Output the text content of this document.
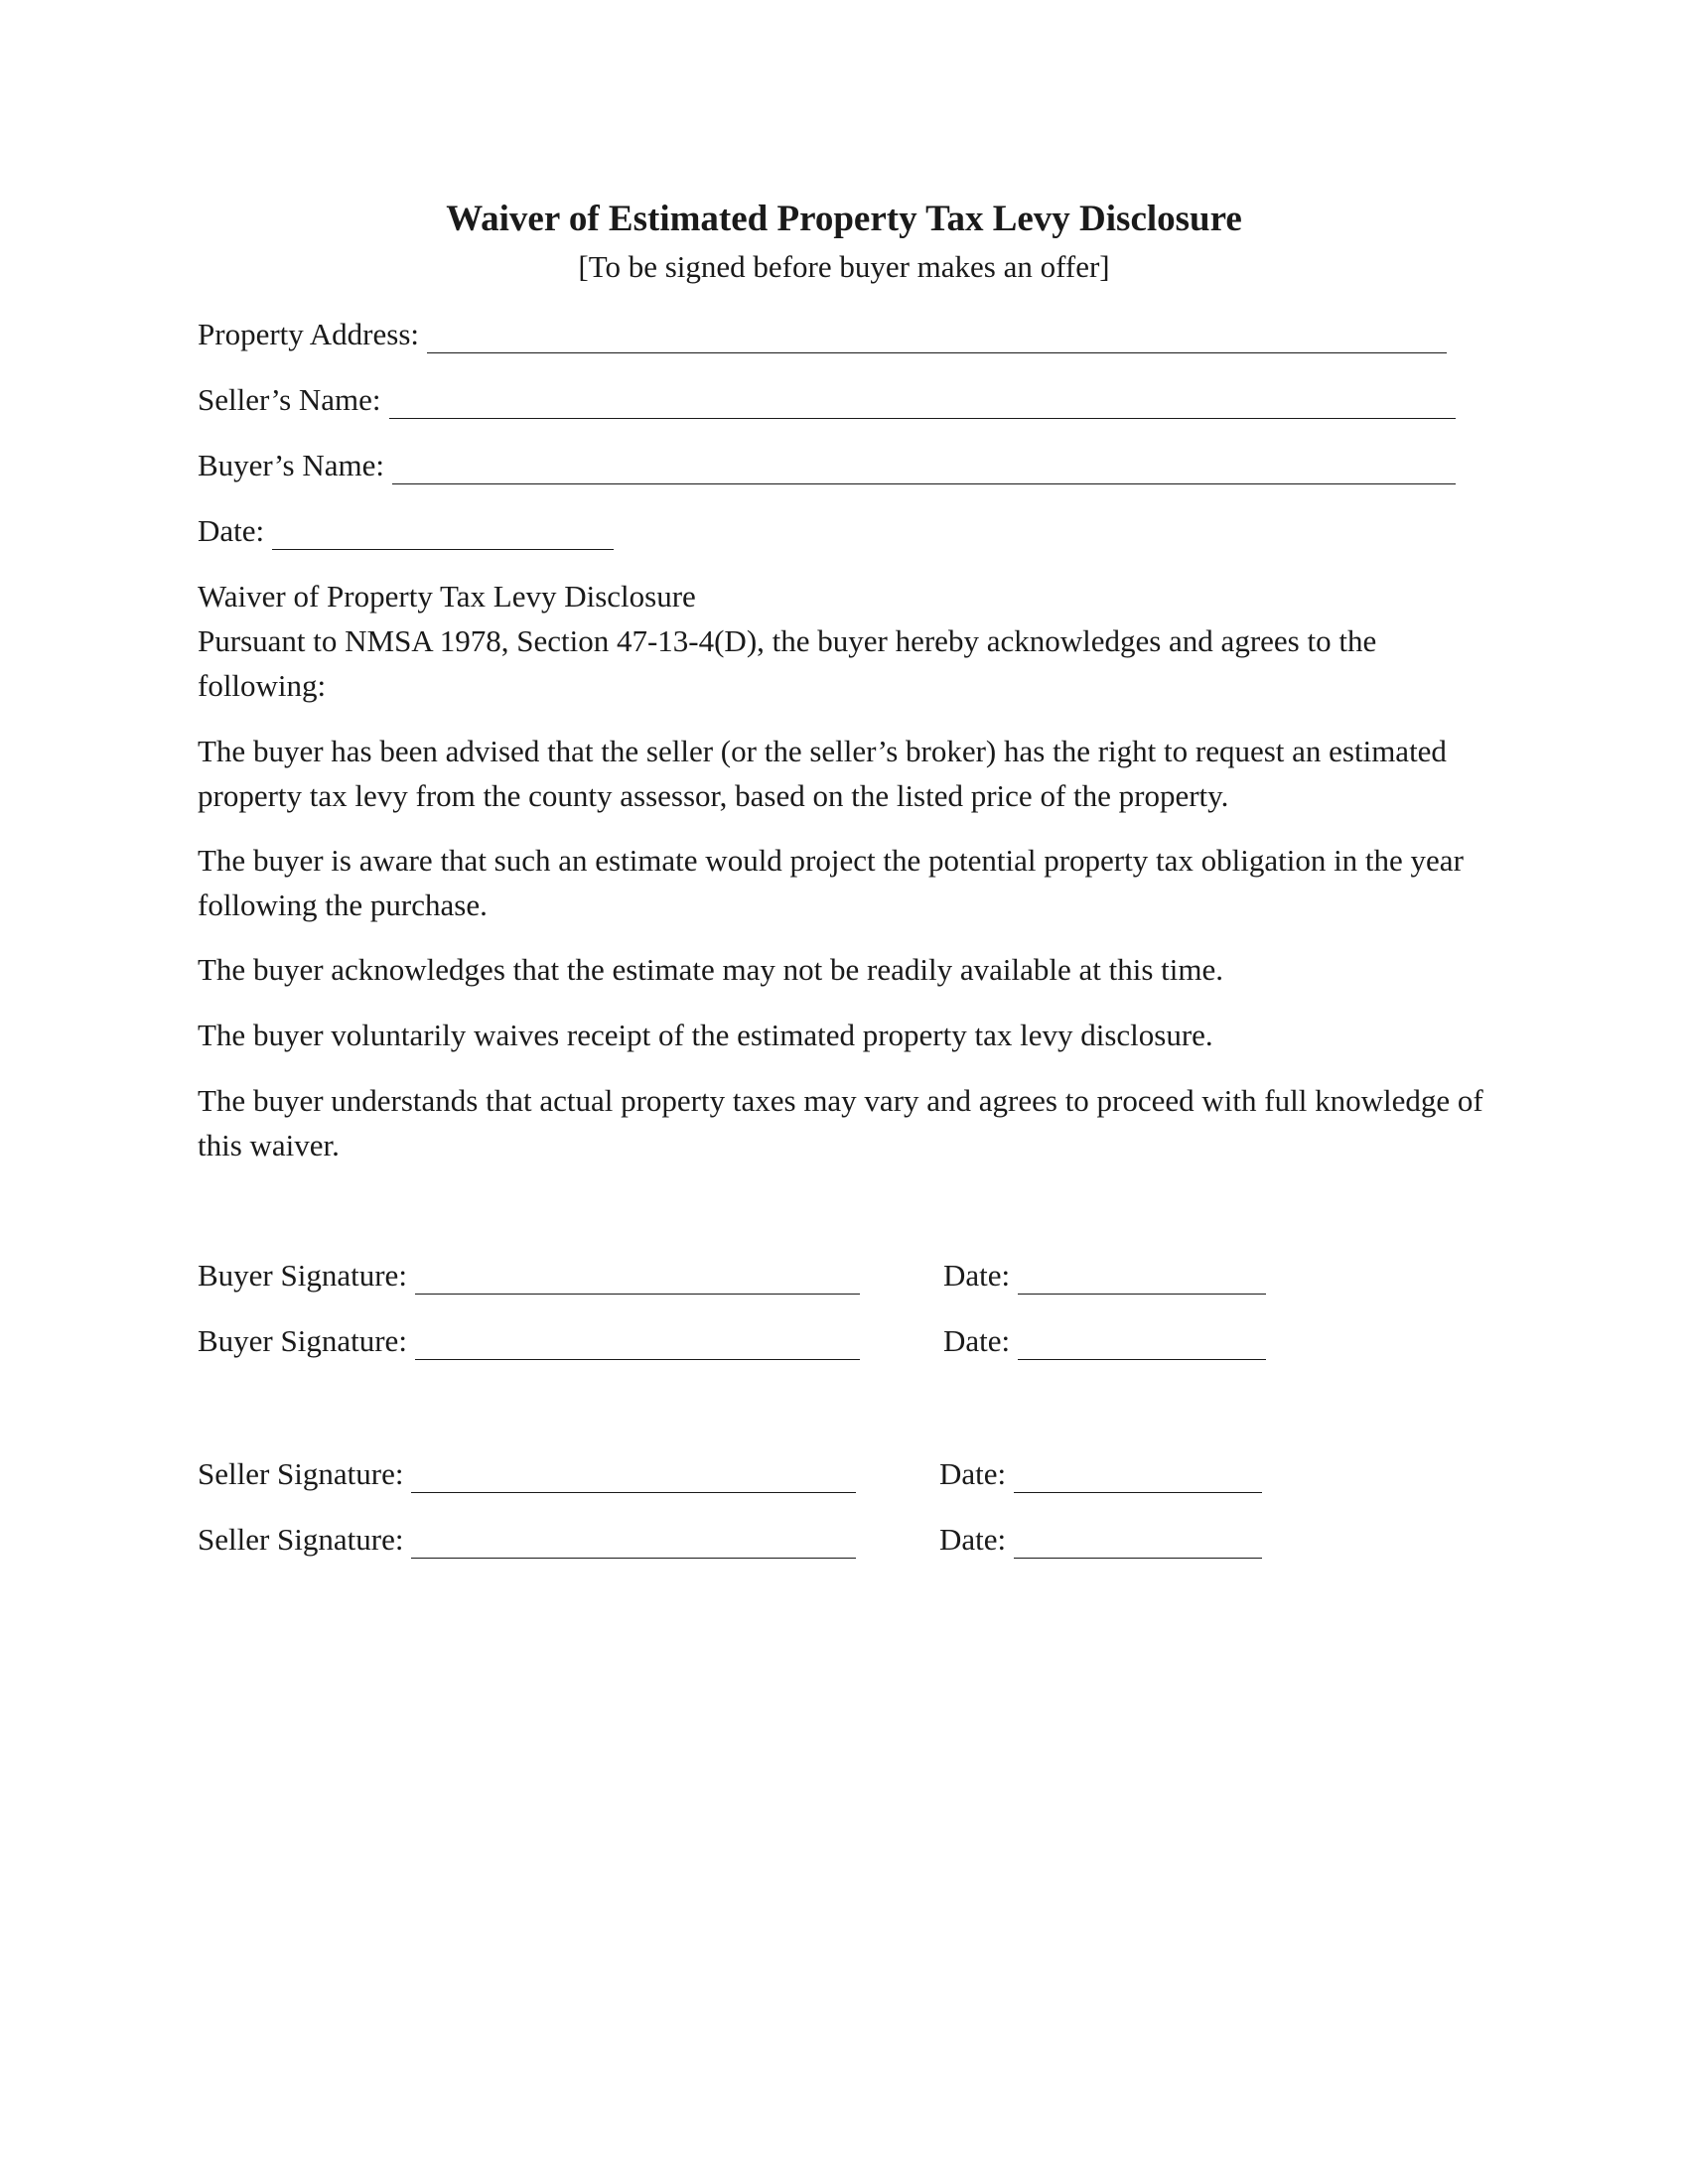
Waiver of Estimated Property Tax Levy Disclosure
[To be signed before buyer makes an offer]
Property Address:
Seller’s Name:
Buyer’s Name:
Date:

Waiver of Property Tax Levy Disclosure

Pursuant to NMSA 1978, Section 47-13-4(D), the buyer hereby acknowledges and agrees to the following:

The buyer has been advised that the seller (or the seller’s broker) has the right to request an estimated property tax levy from the county assessor, based on the listed price of the property.

The buyer is aware that such an estimate would project the potential property tax obligation in the year following the purchase.

The buyer acknowledges that the estimate may not be readily available at this time.

The buyer voluntarily waives receipt of the estimated property tax levy disclosure.

The buyer understands that actual property taxes may vary and agrees to proceed with full knowledge of this waiver.

Buyer Signature:	Date:
Buyer Signature:	Date:
Seller Signature:	Date:
Seller Signature:	Date:
